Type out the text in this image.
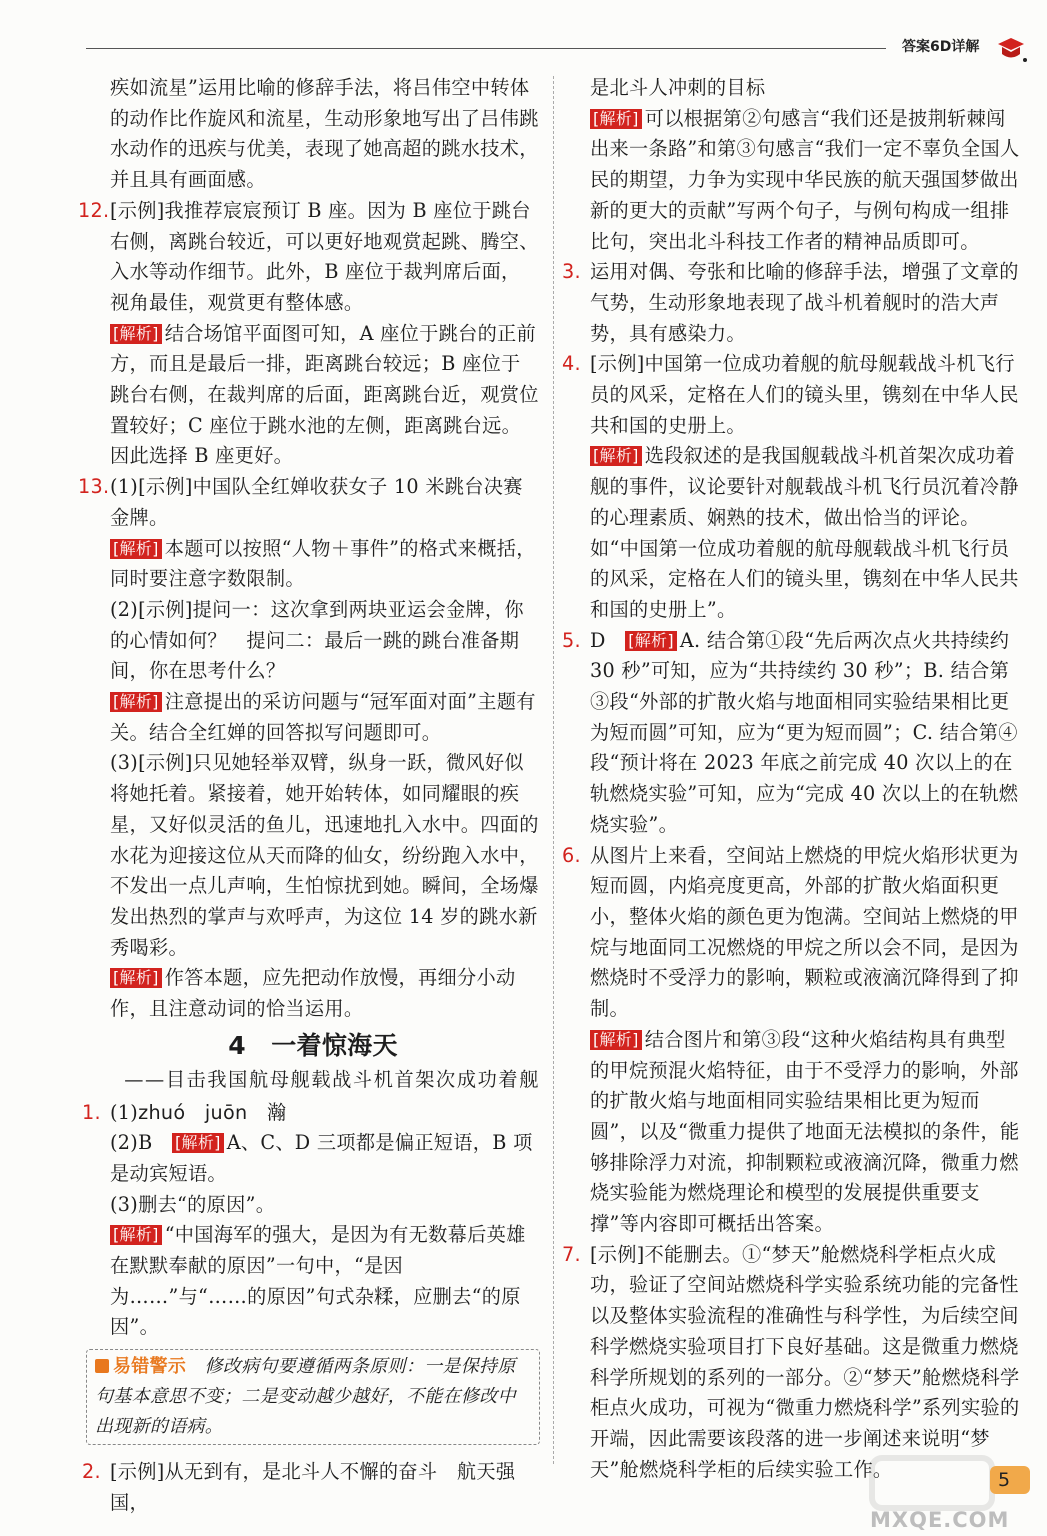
答案6D详解

疾如流星”运用比喻的修辞手法，将吕伟空中转体的动作比作旋风和流星，生动形象地写出了吕伟跳水动作的迅疾与优美，表现了她高超的跳水技术，并且具有画面感。

12. [示例]我推荐宸宸预订 B 座。因为 B 座位于跳台右侧，离跳台较近，可以更好地观赏起跳、腾空、入水等动作细节。此外，B 座位于裁判席后面，视角最佳，观赏更有整体感。

[ 解析 ] 结合场馆平面图可知，A 座位于跳台的正前方，而且是最后一排，距离跳台较远；B 座位于跳台右侧，在裁判席的后面，距离跳台近，观赏位置较好；C 座位于跳水池的左侧，距离跳台远。因此选择 B 座更好。

13. (1)[示例]中国队全红婵收获女子 10 米跳台决赛金牌。

[ 解析 ] 本题可以按照“人物＋事件”的格式来概括，同时要注意字数限制。

(2)[示例]提问一：这次拿到两块亚运会金牌，你的心情如何？　提问二：最后一跳的跳台准备期间，你在思考什么？

[ 解析 ] 注意提出的采访问题与“冠军面对面”主题有关。结合全红婵的回答拟写问题即可。

(3)[示例]只见她轻举双臂，纵身一跃，微风好似将她托着。紧接着，她开始转体，如同耀眼的疾星，又好似灵活的鱼儿，迅速地扎入水中。四面的水花为迎接这位从天而降的仙女，纷纷跑入水中，不发出一点儿声响，生怕惊扰到她。瞬间，全场爆发出热烈的掌声与欢呼声，为这位 14 岁的跳水新秀喝彩。

[ 解析 ] 作答本题，应先把动作放慢，再细分小动作，且注意动词的恰当运用。

4　一着惊海天
——目击我国航母舰载战斗机首架次成功着舰
1. (1)zhuó　juōn　瀚

(2)B　 [ 解析 ] A、C、D 三项都是偏正短语，B 项是动宾短语。

(3)删去“的原因”。

[ 解析 ] “中国海军的强大，是因为有无数幕后英雄在默默奉献的原因”一句中，“是因为……”与“……的原因”句式杂糅，应删去“的原因”。

易错警示　 修改病句要遵循两条原则：一是保持原句基本意思不变；二是变动越少越好，不能在修改中出现新的语病。
2. [示例]从无到有，是北斗人不懈的奋斗　航天强国，

是北斗人冲刺的目标

[ 解析 ] 可以根据第②句感言“我们还是披荆斩棘闯出来一条路”和第③句感言“我们一定不辜负全国人民的期望，力争为实现中华民族的航天强国梦做出新的更大的贡献”写两个句子，与例句构成一组排比句，突出北斗科技工作者的精神品质即可。

3. 运用对偶、夸张和比喻的修辞手法，增强了文章的气势，生动形象地表现了战斗机着舰时的浩大声势，具有感染力。

4. [示例]中国第一位成功着舰的航母舰载战斗机飞行员的风采，定格在人们的镜头里，镌刻在中华人民共和国的史册上。

[ 解析 ] 选段叙述的是我国舰载战斗机首架次成功着舰的事件，议论要针对舰载战斗机飞行员沉着冷静的心理素质、娴熟的技术，做出恰当的评论。如“中国第一位成功着舰的航母舰载战斗机飞行员的风采，定格在人们的镜头里，镌刻在中华人民共和国的史册上”。

5. D　 [ 解析 ] A. 结合第①段“先后两次点火共持续约 30 秒”可知，应为“共持续约 30 秒”；B. 结合第③段“外部的扩散火焰与地面相同实验结果相比更为短而圆”可知，应为“更为短而圆”；C. 结合第④段“预计将在 2023 年底之前完成 40 次以上的在轨燃烧实验”可知，应为“完成 40 次以上的在轨燃烧实验”。

6. 从图片上来看，空间站上燃烧的甲烷火焰形状更为短而圆，内焰亮度更高，外部的扩散火焰面积更小，整体火焰的颜色更为饱满。空间站上燃烧的甲烷与地面同工况燃烧的甲烷之所以会不同，是因为燃烧时不受浮力的影响，颗粒或液滴沉降得到了抑制。

[ 解析 ] 结合图片和第③段“这种火焰结构具有典型的甲烷预混火焰特征，由于不受浮力的影响，外部的扩散火焰与地面相同实验结果相比更为短而圆”，以及“微重力提供了地面无法模拟的条件，能够排除浮力对流，抑制颗粒或液滴沉降，微重力燃烧实验能为燃烧理论和模型的发展提供重要支撑”等内容即可概括出答案。

7. [示例]不能删去。①“梦天”舱燃烧科学柜点火成功，验证了空间站燃烧科学实验系统功能的完备性以及整体实验流程的准确性与科学性，为后续空间科学燃烧实验项目打下良好基础。这是微重力燃烧科学所规划的系列的一部分。②“梦天”舱燃烧科学柜点火成功，可视为“微重力燃烧科学”系列实验的开端，因此需要该段落的进一步阐述来说明“梦天”舱燃烧科学柜的后续实验工作。

MXQE.COM
5
